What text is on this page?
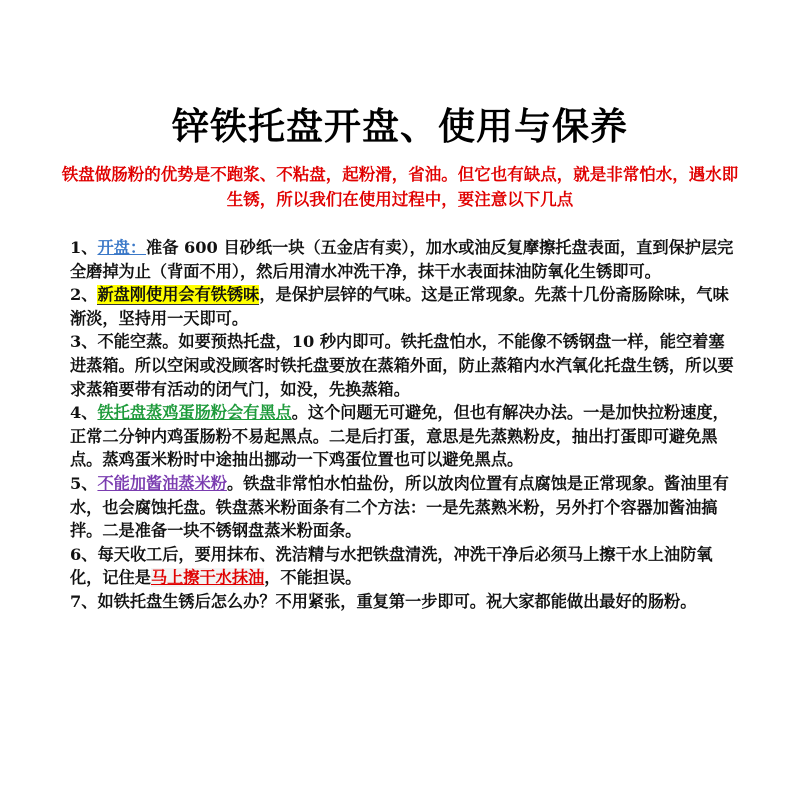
锌铁托盘开盘、使用与保养
铁盘做肠粉的优势是不跑浆、不粘盘，起粉滑，省油。但它也有缺点，就是非常怕水，遇水即生锈，所以我们在使用过程中，要注意以下几点

1、开盘：准备 600 目砂纸一块（五金店有卖），加水或油反复摩擦托盘表面，直到保护层完全磨掉为止（背面不用），然后用清水冲洗干净，抹干水表面抹油防氧化生锈即可。

2、新盘刚使用会有铁锈味，是保护层锌的气味。这是正常现象。先蒸十几份斋肠除味，气味渐淡，坚持用一天即可。

3、不能空蒸。如要预热托盘，10 秒内即可。铁托盘怕水，不能像不锈钢盘一样，能空着塞进蒸箱。所以空闲或没顾客时铁托盘要放在蒸箱外面，防止蒸箱内水汽氧化托盘生锈，所以要求蒸箱要带有活动的闭气门，如没，先换蒸箱。

4、铁托盘蒸鸡蛋肠粉会有黑点。这个问题无可避免，但也有解决办法。一是加快拉粉速度，正常二分钟内鸡蛋肠粉不易起黑点。二是后打蛋，意思是先蒸熟粉皮，抽出打蛋即可避免黑点。蒸鸡蛋米粉时中途抽出挪动一下鸡蛋位置也可以避免黑点。

5、不能加酱油蒸米粉。铁盘非常怕水怕盐份，所以放肉位置有点腐蚀是正常现象。酱油里有水，也会腐蚀托盘。铁盘蒸米粉面条有二个方法：一是先蒸熟米粉，另外打个容器加酱油搞拌。二是准备一块不锈钢盘蒸米粉面条。

6、每天收工后，要用抹布、洗洁精与水把铁盘清洗，冲洗干净后必须马上擦干水上油防氧化，记住是马上擦干水抹油，不能担误。

7、如铁托盘生锈后怎么办？不用紧张，重复第一步即可。祝大家都能做出最好的肠粉。
